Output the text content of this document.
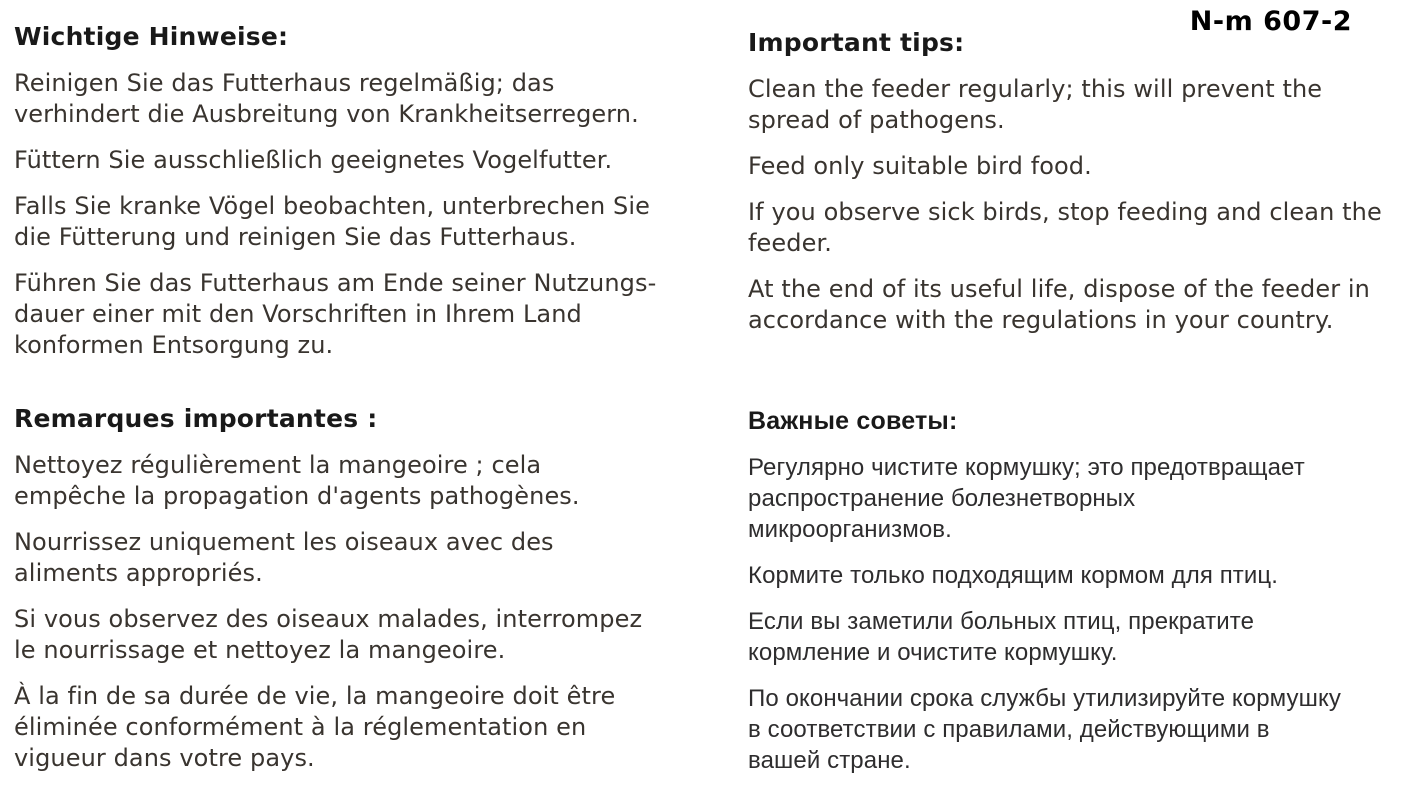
N-m 607-2
Wichtige Hinweise:

Reinigen Sie das Futterhaus regelmäßig; das
verhindert die Ausbreitung von Krankheitserregern.

Füttern Sie ausschließlich geeignetes Vogelfutter.

Falls Sie kranke Vögel beobachten, unterbrechen Sie
die Fütterung und reinigen Sie das Futterhaus.

Führen Sie das Futterhaus am Ende seiner Nutzungs-
dauer einer mit den Vorschriften in Ihrem Land
konformen Entsorgung zu.

Important tips:

Clean the feeder regularly; this will prevent the
spread of pathogens.

Feed only suitable bird food.

If you observe sick birds, stop feeding and clean the
feeder.

At the end of its useful life, dispose of the feeder in
accordance with the regulations in your country.

Remarques importantes :

Nettoyez régulièrement la mangeoire ; cela
empêche la propagation d'agents pathogènes.

Nourrissez uniquement les oiseaux avec des
aliments appropriés.

Si vous observez des oiseaux malades, interrompez
le nourrissage et nettoyez la mangeoire.

À la fin de sa durée de vie, la mangeoire doit être
éliminée conformément à la réglementation en
vigueur dans votre pays.

Важные советы:

Регулярно чистите кормушку; это предотвращает
распространение болезнетворных
микроорганизмов.

Кормите только подходящим кормом для птиц.

Если вы заметили больных птиц, прекратите
кормление и очистите кормушку.

По окончании срока службы утилизируйте кормушку
в соответствии с правилами, действующими в
вашей стране.
